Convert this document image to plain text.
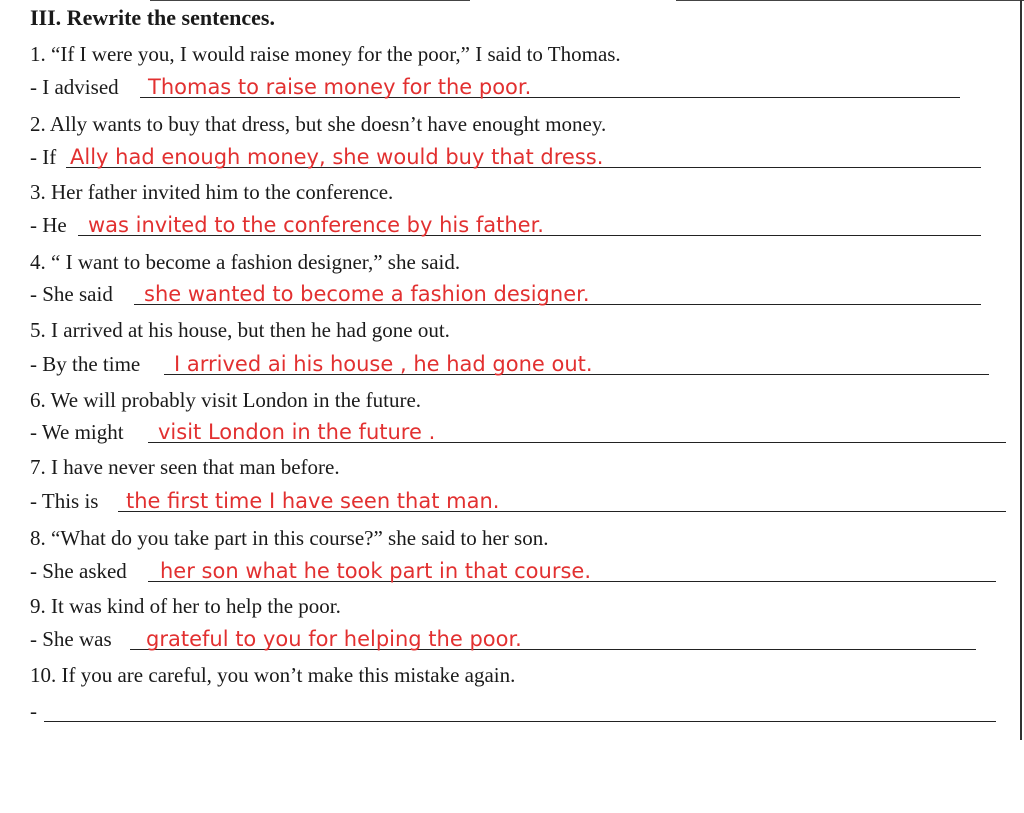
III. Rewrite the sentences.
1. “If I were you, I would raise money for the poor,” I said to Thomas.
- I advised Thomas to raise money for the poor.
2. Ally wants to buy that dress, but she doesn’t have enought money.
- If Ally had enough money, she would buy that dress.
3. Her father invited him to the conference.
- He was invited to the conference by his father.
4. “ I want to become a fashion designer,” she said.
- She said she wanted to become a fashion designer.
5. I arrived at his house, but then he had gone out.
- By the time I arrived ai his house , he had gone out.
6. We will probably visit London in the future.
- We might visit London in the future .
7. I have never seen that man before.
- This is the first time I have seen that man.
8. “What do you take part in this course?” she said to her son.
- She asked her son what he took part in that course.
9. It was kind of her to help the poor.
- She was grateful to you for helping the poor.
10. If you are careful, you won’t make this mistake again.
-
